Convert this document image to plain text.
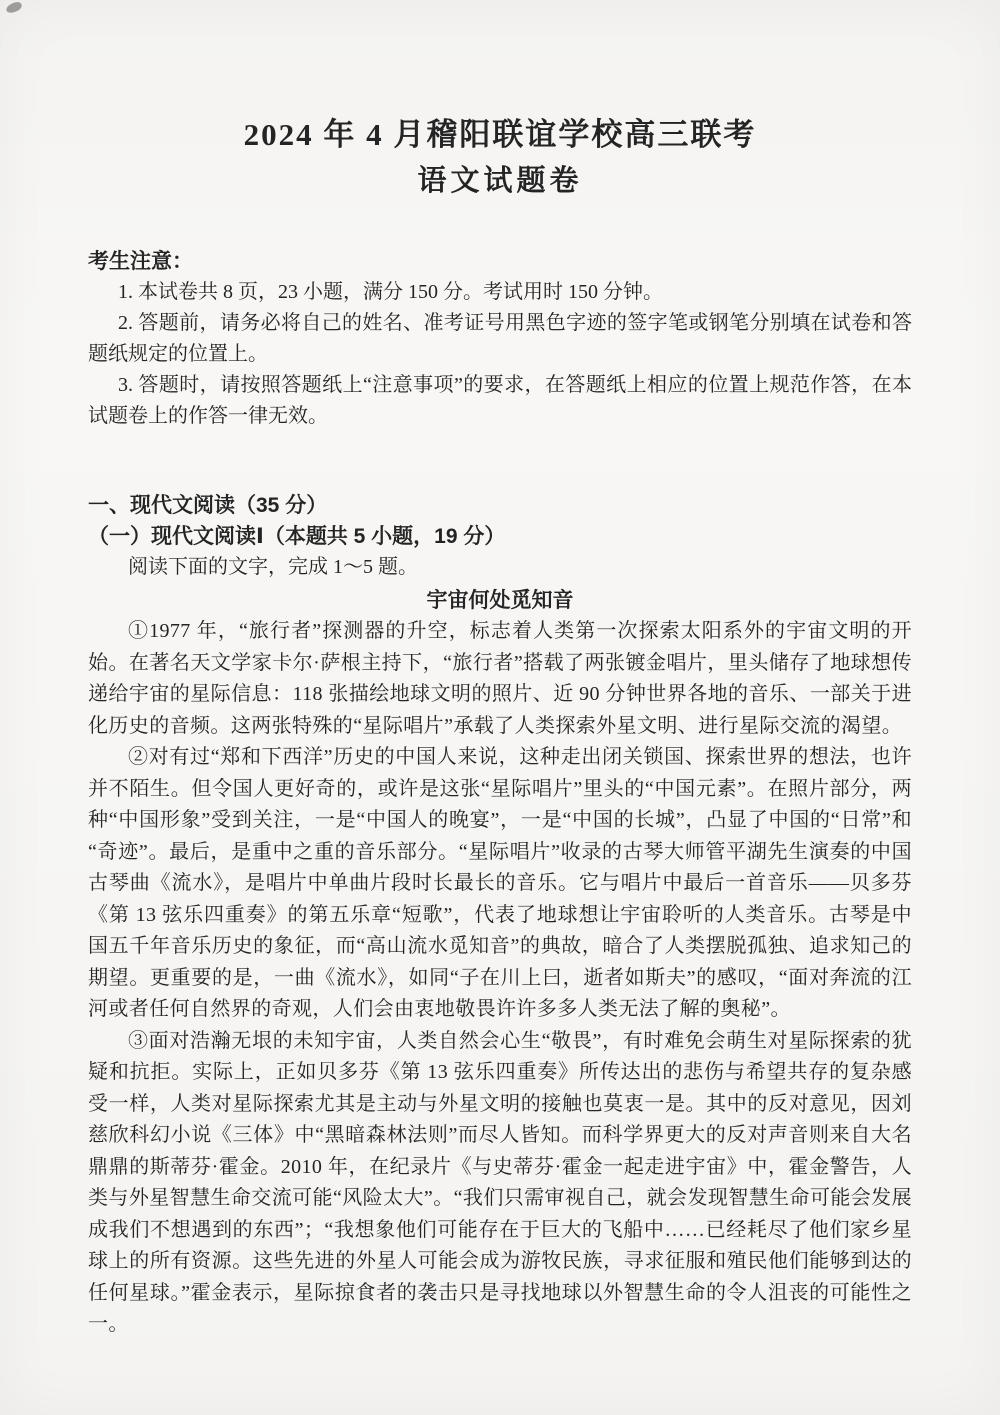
2024 年 4 月稽阳联谊学校高三联考
语文试题卷

考生注意：

1. 本试卷共 8 页，23 小题，满分 150 分。考试用时 150 分钟。

2. 答题前，请务必将自己的姓名、准考证号用黑色字迹的签字笔或钢笔分别填在试卷和答题纸规定的位置上。

3. 答题时，请按照答题纸上“注意事项”的要求，在答题纸上相应的位置上规范作答，在本试题卷上的作答一律无效。

一、现代文阅读（35 分）

（一）现代文阅读Ⅰ（本题共 5 小题，19 分）

阅读下面的文字，完成 1～5 题。

宇宙何处觅知音

①1977 年，“旅行者”探测器的升空，标志着人类第一次探索太阳系外的宇宙文明的开始。在著名天文学家卡尔·萨根主持下，“旅行者”搭载了两张镀金唱片，里头储存了地球想传递给宇宙的星际信息：118 张描绘地球文明的照片、近 90 分钟世界各地的音乐、一部关于进化历史的音频。这两张特殊的“星际唱片”承载了人类探索外星文明、进行星际交流的渴望。

②对有过“郑和下西洋”历史的中国人来说，这种走出闭关锁国、探索世界的想法，也许并不陌生。但令国人更好奇的，或许是这张“星际唱片”里头的“中国元素”。在照片部分，两种“中国形象”受到关注，一是“中国人的晚宴”，一是“中国的长城”，凸显了中国的“日常”和“奇迹”。最后，是重中之重的音乐部分。“星际唱片”收录的古琴大师管平湖先生演奏的中国古琴曲《流水》，是唱片中单曲片段时长最长的音乐。它与唱片中最后一首音乐——贝多芬《第 13 弦乐四重奏》的第五乐章“短歌”，代表了地球想让宇宙聆听的人类音乐。古琴是中国五千年音乐历史的象征，而“高山流水觅知音”的典故，暗合了人类摆脱孤独、追求知己的期望。更重要的是，一曲《流水》，如同“子在川上曰，逝者如斯夫”的感叹，“面对奔流的江河或者任何自然界的奇观，人们会由衷地敬畏许许多多人类无法了解的奥秘”。

③面对浩瀚无垠的未知宇宙，人类自然会心生“敬畏”，有时难免会萌生对星际探索的犹疑和抗拒。实际上，正如贝多芬《第 13 弦乐四重奏》所传达出的悲伤与希望共存的复杂感受一样，人类对星际探索尤其是主动与外星文明的接触也莫衷一是。其中的反对意见，因刘慈欣科幻小说《三体》中“黑暗森林法则”而尽人皆知。而科学界更大的反对声音则来自大名鼎鼎的斯蒂芬·霍金。2010 年，在纪录片《与史蒂芬·霍金一起走进宇宙》中，霍金警告，人类与外星智慧生命交流可能“风险太大”。“我们只需审视自己，就会发现智慧生命可能会发展成我们不想遇到的东西”；“我想象他们可能存在于巨大的飞船中……已经耗尽了他们家乡星球上的所有资源。这些先进的外星人可能会成为游牧民族，寻求征服和殖民他们能够到达的任何星球。”霍金表示，星际掠食者的袭击只是寻找地球以外智慧生命的令人沮丧的可能性之一。
